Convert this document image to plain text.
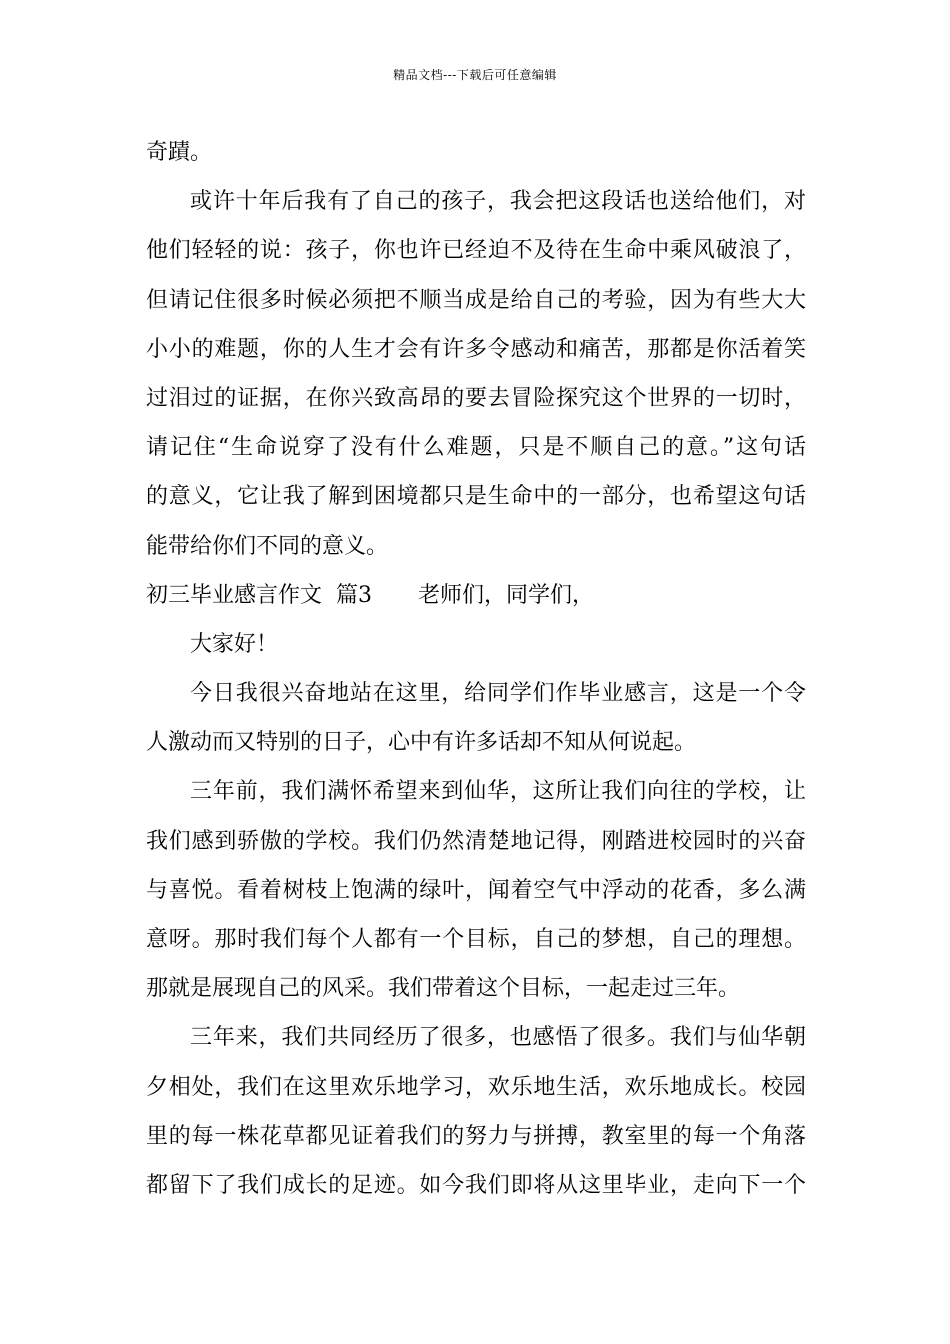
精品文档---下载后可任意编辑
奇蹟。
或许十年后我有了自己的孩子，我会把这段话也送给他们，对
他们轻轻的说：孩子，你也许已经迫不及待在生命中乘风破浪了，
但请记住很多时候必须把不顺当成是给自己的考验，因为有些大大
小小的难题，你的人生才会有许多令感动和痛苦，那都是你活着笑
过泪过的证据，在你兴致高昂的要去冒险探究这个世界的一切时，
请记住“生命说穿了没有什么难题，只是不顺自己的意。”这句话
的意义，它让我了解到困境都只是生命中的一部分，也希望这句话
能带给你们不同的意义。
初三毕业感言作文  篇3 老师们，同学们，
大家好！
今日我很兴奋地站在这里，给同学们作毕业感言，这是一个令
人激动而又特别的日子，心中有许多话却不知从何说起。
三年前，我们满怀希望来到仙华，这所让我们向往的学校，让
我们感到骄傲的学校。我们仍然清楚地记得，刚踏进校园时的兴奋
与喜悦。看着树枝上饱满的绿叶，闻着空气中浮动的花香，多么满
意呀。那时我们每个人都有一个目标，自己的梦想，自己的理想。
那就是展现自己的风采。我们带着这个目标，一起走过三年。
三年来，我们共同经历了很多，也感悟了很多。我们与仙华朝
夕相处，我们在这里欢乐地学习，欢乐地生活，欢乐地成长。校园
里的每一株花草都见证着我们的努力与拼搏，教室里的每一个角落
都留下了我们成长的足迹。如今我们即将从这里毕业，走向下一个
